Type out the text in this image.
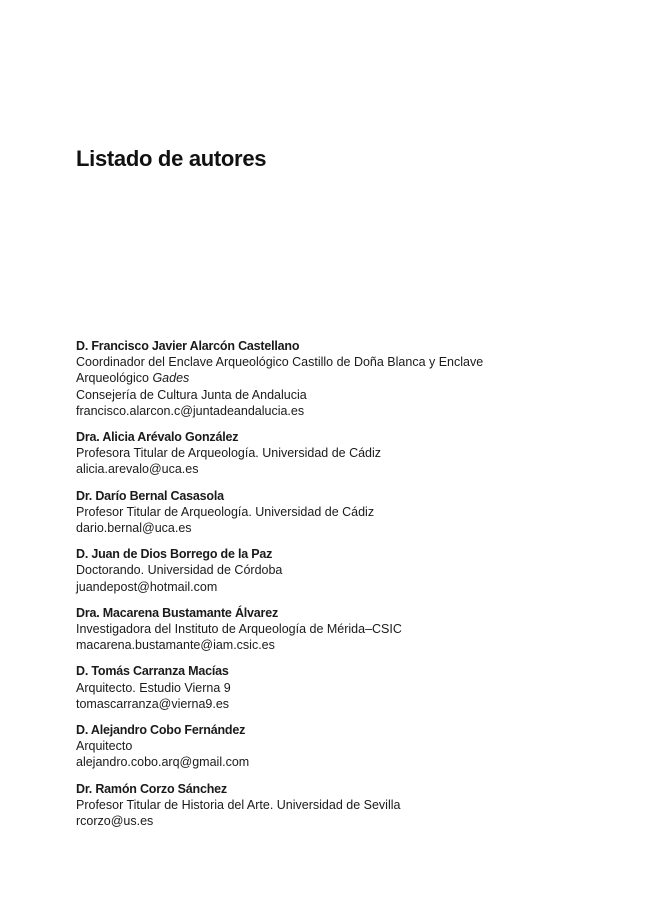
Listado de autores
D. Francisco Javier Alarcón Castellano
Coordinador del Enclave Arqueológico Castillo de Doña Blanca y Enclave
Arqueológico Gades
Consejería de Cultura Junta de Andalucia
francisco.alarcon.c@juntadeandalucia.es
Dra. Alicia Arévalo González
Profesora Titular de Arqueología. Universidad de Cádiz
alicia.arevalo@uca.es
Dr. Darío Bernal Casasola
Profesor Titular de Arqueología. Universidad de Cádiz
dario.bernal@uca.es
D. Juan de Dios Borrego de la Paz
Doctorando. Universidad de Córdoba
juandepost@hotmail.com
Dra. Macarena Bustamante Álvarez
Investigadora del Instituto de Arqueología de Mérida–CSIC
macarena.bustamante@iam.csic.es
D. Tomás Carranza Macías
Arquitecto. Estudio Vierna 9
tomascarranza@vierna9.es
D. Alejandro Cobo Fernández
Arquitecto
alejandro.cobo.arq@gmail.com
Dr. Ramón Corzo Sánchez
Profesor Titular de Historia del Arte. Universidad de Sevilla
rcorzo@us.es
